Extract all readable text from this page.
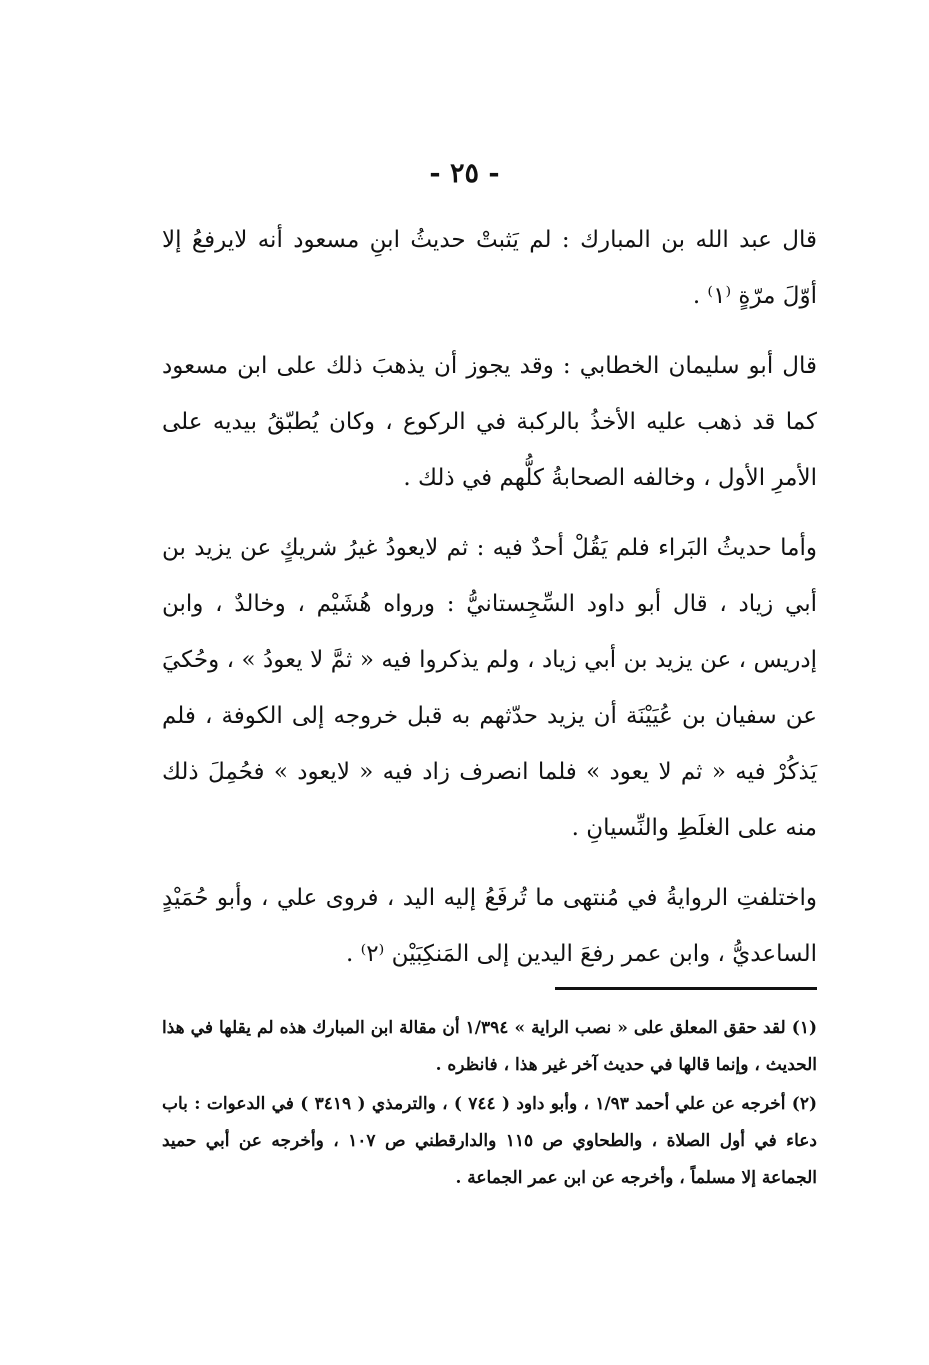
- ٢٥ -

قال عبد الله بن المبارك : لم يَثبتْ حديثُ ابنِ مسعود أنه لايرفعُ إلا أوّلَ مرّةٍ ⁽١⁾ .

قال أبو سليمان الخطابي : وقد يجوز أن يذهبَ ذلك على ابن مسعود كما قد ذهب عليه الأخذُ بالركبة في الركوع ، وكان يُطبّقُ بيديه على الأمرِ الأول ، وخالفه الصحابةُ كلُّهم في ذلك .

وأما حديثُ البَراء فلم يَقُلْ أحدٌ فيه : ثم لايعودُ غيرُ شريكٍ عن يزيد بن أبي زياد ، قال أبو داود السِّجِستانيُّ : ورواه هُشَيْم ، وخالدٌ ، وابن إدريس ، عن يزيد بن أبي زياد ، ولم يذكروا فيه « ثمَّ لا يعودُ » ، وحُكيَ عن سفيان بن عُيَيْنَة أن يزيد حدّثهم به قبل خروجه إلى الكوفة ، فلم يَذكُرْ فيه « ثم لا يعود » فلما انصرف زاد فيه « لايعود » فحُمِلَ ذلك منه على الغلَطِ والنِّسيانِ .

واختلفتِ الروايةُ في مُنتهى ما تُرفَعُ إليه اليد ، فروى علي ، وأبو حُمَيْدٍ الساعديُّ ، وابن عمر رفعَ اليدين إلى المَنكِبَيْن ⁽٢⁾ .

(١) لقد حقق المعلق على « نصب الراية » ١/٣٩٤ أن مقالة ابن المبارك هذه لم يقلها في هذا الحديث ، وإنما قالها في حديث آخر غير هذا ، فانظره .

(٢) أخرجه عن علي أحمد ١/٩٣ ، وأبو داود ( ٧٤٤ ) ، والترمذي ( ٣٤١٩ ) في الدعوات : باب دعاء في أول الصلاة ، والطحاوي ص ١١٥ والدارقطني ص ١٠٧ ، وأخرجه عن أبي حميد الجماعة إلا مسلماً ، وأخرجه عن ابن عمر الجماعة .
